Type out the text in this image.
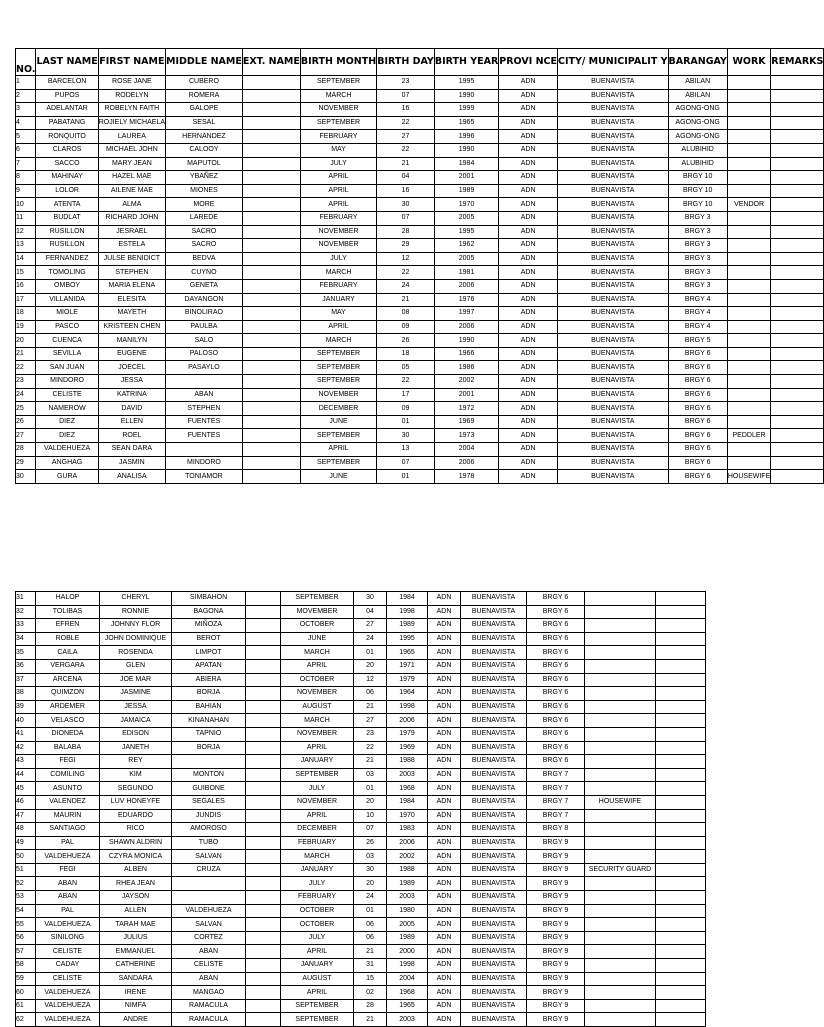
NO.	LAST NAME	FIRST NAME	MIDDLE NAME	EXT. NAME	BIRTH MONTH	BIRTH DAY	BIRTH YEAR	PROVI NCE	CITY/ MUNICIPALIT Y	BARANGAY	WORK	REMARKS
1	BARCELON	ROSE JANE	CUBERO		SEPTEMBER	23	1995	ADN	BUENAVISTA	ABILAN		
2	PUPOS	RODELYN	ROMERA		MARCH	07	1990	ADN	BUENAVISTA	ABILAN		
3	ADELANTAR	ROBELYN FAITH	GALOPE		NOVEMBER	16	1999	ADN	BUENAVISTA	AGONG-ONG		
4	PABATANG	ROJIELY MICHAELA	SESAL		SEPTEMBER	22	1965	ADN	BUENAVISTA	AGONG-ONG		
5	RONQUITO	LAUREA	HERNANDEZ		FEBRUARY	27	1996	ADN	BUENAVISTA	AGONG-ONG		
6	CLAROS	MICHAEL JOHN	CALOOY		MAY	22	1990	ADN	BUENAVISTA	ALUBIHID		
7	SACCO	MARY JEAN	MAPUTOL		JULY	21	1984	ADN	BUENAVISTA	ALUBIHID		
8	MAHINAY	HAZEL MAE	YBAÑEZ		APRIL	04	2001	ADN	BUENAVISTA	BRGY 10		
9	LOLOR	AILENE MAE	MIONES		APRIL	16	1989	ADN	BUENAVISTA	BRGY 10		
10	ATENTA	ALMA	MORE		APRIL	30	1970	ADN	BUENAVISTA	BRGY 10	VENDOR	
11	BUDLAT	RICHARD JOHN	LAREDE		FEBRUARY	07	2005	ADN	BUENAVISTA	BRGY 3		
12	RUSILLON	JESRAEL	SACRO		NOVEMBER	28	1995	ADN	BUENAVISTA	BRGY 3		
13	RUSILLON	ESTELA	SACRO		NOVEMBER	29	1962	ADN	BUENAVISTA	BRGY 3		
14	FERNANDEZ	JULSE BENIDICT	BEDVA		JULY	12	2005	ADN	BUENAVISTA	BRGY 3		
15	TOMOLING	STEPHEN	CUYNO		MARCH	22	1981	ADN	BUENAVISTA	BRGY 3		
16	OMBOY	MARIA ELENA	GENETA		FEBRUARY	24	2006	ADN	BUENAVISTA	BRGY 3		
17	VILLANIDA	ELESITA	DAYANGON		JANUARY	21	1976	ADN	BUENAVISTA	BRGY 4		
18	MIOLE	MAYETH	BINOLIRAO		MAY	08	1997	ADN	BUENAVISTA	BRGY 4		
19	PASCO	KRISTEEN CHEN	PAULBA		APRIL	09	2006	ADN	BUENAVISTA	BRGY 4		
20	CUENCA	MANILYN	SALO		MARCH	26	1990	ADN	BUENAVISTA	BRGY 5		
21	SEVILLA	EUGENE	PALOSO		SEPTEMBER	18	1966	ADN	BUENAVISTA	BRGY 6		
22	SAN JUAN	JOECEL	PASAYLO		SEPTEMBER	05	1986	ADN	BUENAVISTA	BRGY 6		
23	MINDORO	JESSA			SEPTEMBER	22	2002	ADN	BUENAVISTA	BRGY 6		
24	CELISTE	KATRINA	ABAN		NOVEMBER	17	2001	ADN	BUENAVISTA	BRGY 6		
25	NAMEROW	DAVID	STEPHEN		DECEMBER	09	1972	ADN	BUENAVISTA	BRGY 6		
26	DIEZ	ELLEN	FUENTES		JUNE	01	1969	ADN	BUENAVISTA	BRGY 6		
27	DIEZ	ROEL	FUENTES		SEPTEMBER	30	1973	ADN	BUENAVISTA	BRGY 6	PEDDLER	
28	VALDEHUEZA	SEAN DARA			APRIL	13	2004	ADN	BUENAVISTA	BRGY 6		
29	ANGHAG	JASMIN	MINDORO		SEPTEMBER	07	2006	ADN	BUENAVISTA	BRGY 6		
30	GURA	ANALISA	TONIAMOR		JUNE	01	1978	ADN	BUENAVISTA	BRGY 6	HOUSEWIFE	
31	HALOP	CHERYL	SIMBAHON		SEPTEMBER	30	1984	ADN	BUENAVISTA	BRGY 6		
32	TOLIBAS	RONNIE	BAGONA		MOVEMBER	04	1998	ADN	BUENAVISTA	BRGY 6		
33	EFREN	JOHNNY FLOR	MIÑOZA		OCTOBER	27	1989	ADN	BUENAVISTA	BRGY 6		
34	ROBLE	JOHN DOMINIQUE	BEROT		JUNE	24	1995	ADN	BUENAVISTA	BRGY 6		
35	CAILA	ROSENDA	LIMPOT		MARCH	01	1965	ADN	BUENAVISTA	BRGY 6		
36	VERGARA	GLEN	APATAN		APRIL	20	1971	ADN	BUENAVISTA	BRGY 6		
37	ARCENA	JOE MAR	ABIERA		OCTOBER	12	1979	ADN	BUENAVISTA	BRGY 6		
38	QUIMZON	JASMINE	BORJA		NOVEMBER	06	1964	ADN	BUENAVISTA	BRGY 6		
39	ARDEMER	JESSA	BAHIAN		AUGUST	21	1998	ADN	BUENAVISTA	BRGY 6		
40	VELASCO	JAMAICA	KINANAHAN		MARCH	27	2006	ADN	BUENAVISTA	BRGY 6		
41	DIONEDA	EDISON	TAPNIO		NOVEMBER	23	1979	ADN	BUENAVISTA	BRGY 6		
42	BALABA	JANETH	BORJA		APRIL	22	1969	ADN	BUENAVISTA	BRGY 6		
43	FEGI	REY			JANUARY	21	1988	ADN	BUENAVISTA	BRGY 6		
44	COMILING	KIM	MONTON		SEPTEMBER	03	2003	ADN	BUENAVISTA	BRGY 7		
45	ASUNTO	SEGUNDO	GUIBONE		JULY	01	1968	ADN	BUENAVISTA	BRGY 7		
46	VALENDEZ	LUV HONEYFE	SEGALES		NOVEMBER	20	1984	ADN	BUENAVISTA	BRGY 7	HOUSEWIFE	
47	MAURIN	EDUARDO	JUNDIS		APRIL	10	1970	ADN	BUENAVISTA	BRGY 7		
48	SANTIAGO	RICO	AMOROSO		DECEMBER	07	1983	ADN	BUENAVISTA	BRGY 8		
49	PAL	SHAWN ALDRIN	TUBO		FEBRUARY	26	2006	ADN	BUENAVISTA	BRGY 9		
50	VALDEHUEZA	CZYRA MONICA	SALVAN		MARCH	03	2002	ADN	BUENAVISTA	BRGY 9		
51	FEGI	ALBEN	CRUZA		JANUARY	30	1988	ADN	BUENAVISTA	BRGY 9	SECURITY GUARD	
52	ABAN	RHEA JEAN			JULY	20	1989	ADN	BUENAVISTA	BRGY 9		
53	ABAN	JAYSON			FEBRUARY	24	2003	ADN	BUENAVISTA	BRGY 9		
54	PAL	ALLEN	VALDEHUEZA		OCTOBER	01	1980	ADN	BUENAVISTA	BRGY 9		
55	VALDEHUEZA	TARAH MAE	SALVAN		OCTOBER	06	2005	ADN	BUENAVISTA	BRGY 9		
56	SINILONG	JULIUS	CORTEZ		JULY	06	1989	ADN	BUENAVISTA	BRGY 9		
57	CELISTE	EMMANUEL	ABAN		APRIL	21	2000	ADN	BUENAVISTA	BRGY 9		
58	CADAY	CATHERINE	CELISTE		JANUARY	31	1998	ADN	BUENAVISTA	BRGY 9		
59	CELISTE	SANDARA	ABAN		AUGUST	15	2004	ADN	BUENAVISTA	BRGY 9		
60	VALDEHUEZA	IRENE	MANGAO		APRIL	02	1968	ADN	BUENAVISTA	BRGY 9		
61	VALDEHUEZA	NIMFA	RAMACULA		SEPTEMBER	28	1965	ADN	BUENAVISTA	BRGY 9		
62	VALDEHUEZA	ANDRE	RAMACULA		SEPTEMBER	21	2003	ADN	BUENAVISTA	BRGY 9		
